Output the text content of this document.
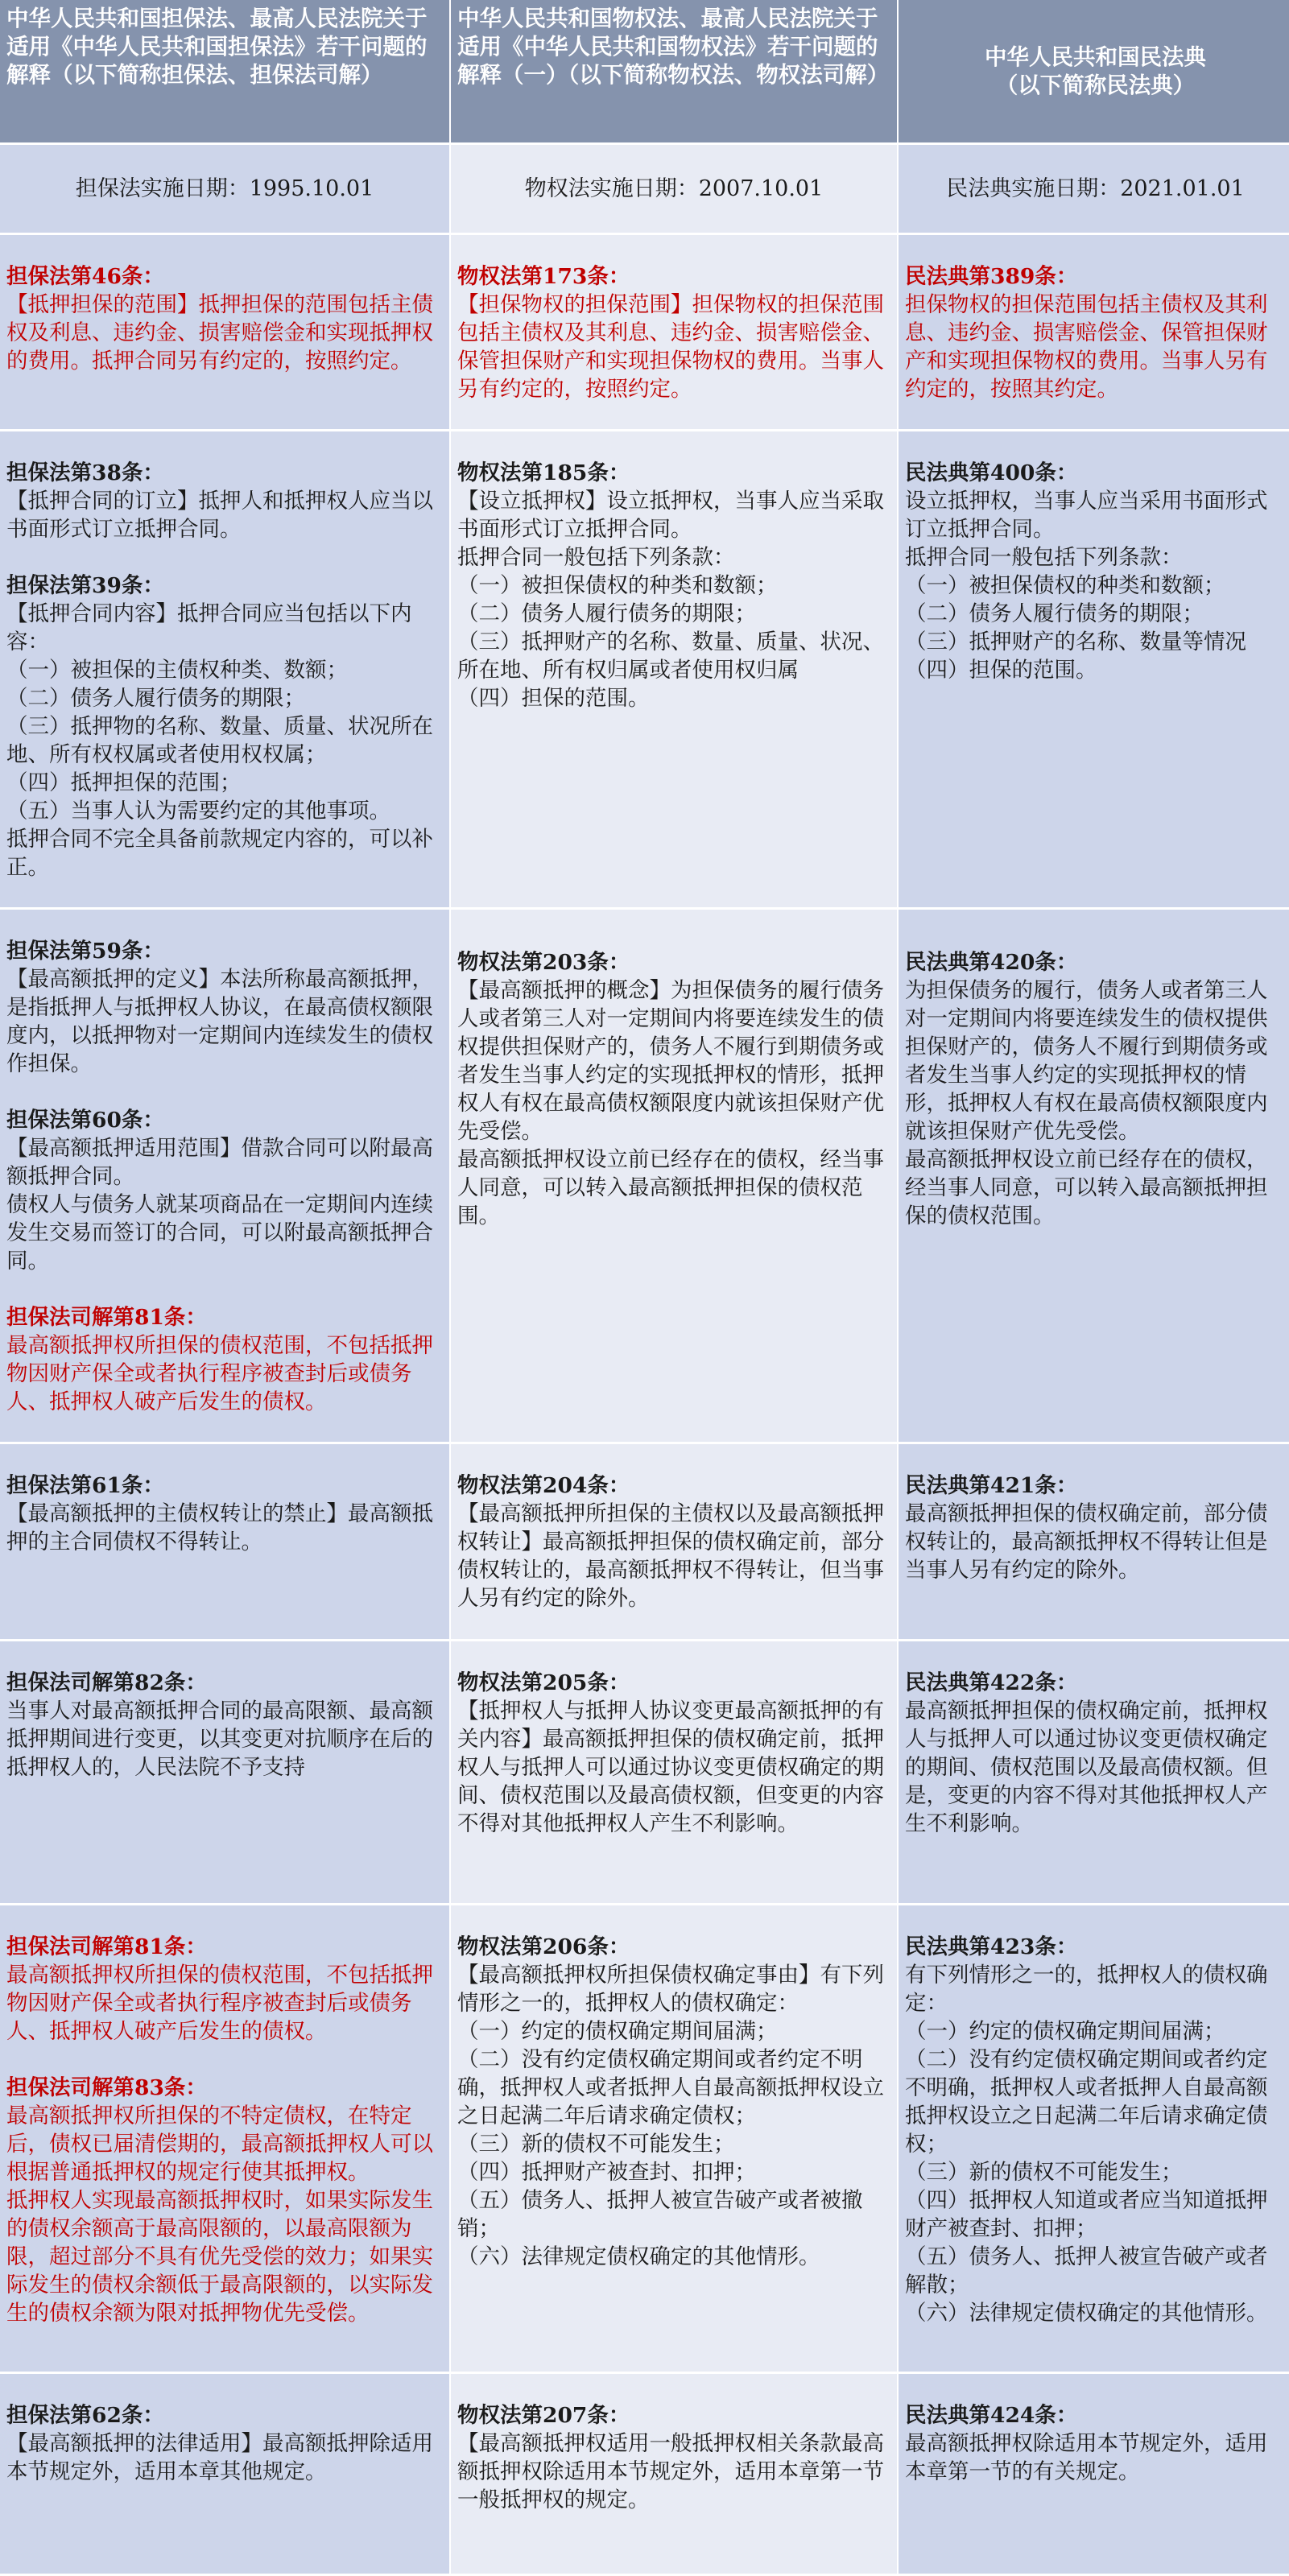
中华人民共和国担保法、最高人民法院关于适用《中华人民共和国担保法》若干问题的解释（以下简称担保法、担保法司解）
中华人民共和国物权法、最高人民法院关于适用《中华人民共和国物权法》若干问题的解释（一）（以下简称物权法、物权法司解）
中华人民共和国民法典
（以下简称民法典）
担保法实施日期：1995.10.01	物权法实施日期：2007.10.01	民法典实施日期：2021.01.01
担保法第46条：
【抵押担保的范围】抵押担保的范围包括主债权及利息、违约金、损害赔偿金和实现抵押权的费用。抵押合同另有约定的，按照约定。
物权法第173条：
【担保物权的担保范围】担保物权的担保范围包括主债权及其利息、违约金、损害赔偿金、保管担保财产和实现担保物权的费用。当事人另有约定的，按照约定。
民法典第389条：
担保物权的担保范围包括主债权及其利息、违约金、损害赔偿金、保管担保财产和实现担保物权的费用。当事人另有约定的，按照其约定。
担保法第38条：
【抵押合同的订立】抵押人和抵押权人应当以书面形式订立抵押合同。
担保法第39条：
【抵押合同内容】抵押合同应当包括以下内容：
（一）被担保的主债权种类、数额；
（二）债务人履行债务的期限；
（三）抵押物的名称、数量、质量、状况所在地、所有权权属或者使用权权属；
（四）抵押担保的范围；
（五）当事人认为需要约定的其他事项。
抵押合同不完全具备前款规定内容的，可以补正。
物权法第185条：
【设立抵押权】设立抵押权，当事人应当采取书面形式订立抵押合同。
抵押合同一般包括下列条款：
（一）被担保债权的种类和数额；
（二）债务人履行债务的期限；
（三）抵押财产的名称、数量、质量、状况、所在地、所有权归属或者使用权归属
（四）担保的范围。
民法典第400条：
设立抵押权，当事人应当采用书面形式订立抵押合同。
抵押合同一般包括下列条款：
（一）被担保债权的种类和数额；
（二）债务人履行债务的期限；
（三）抵押财产的名称、数量等情况
（四）担保的范围。
担保法第59条：
【最高额抵押的定义】本法所称最高额抵押，是指抵押人与抵押权人协议，在最高债权额限度内，以抵押物对一定期间内连续发生的债权作担保。
担保法第60条：
【最高额抵押适用范围】借款合同可以附最高额抵押合同。
债权人与债务人就某项商品在一定期间内连续发生交易而签订的合同，可以附最高额抵押合同。
担保法司解第81条：
最高额抵押权所担保的债权范围，不包括抵押物因财产保全或者执行程序被查封后或债务人、抵押权人破产后发生的债权。
物权法第203条：
【最高额抵押的概念】为担保债务的履行债务人或者第三人对一定期间内将要连续发生的债权提供担保财产的，债务人不履行到期债务或者发生当事人约定的实现抵押权的情形，抵押权人有权在最高债权额限度内就该担保财产优先受偿。
最高额抵押权设立前已经存在的债权，经当事人同意，可以转入最高额抵押担保的债权范围。
民法典第420条：
为担保债务的履行，债务人或者第三人对一定期间内将要连续发生的债权提供担保财产的，债务人不履行到期债务或者发生当事人约定的实现抵押权的情形，抵押权人有权在最高债权额限度内就该担保财产优先受偿。
最高额抵押权设立前已经存在的债权，经当事人同意，可以转入最高额抵押担保的债权范围。
担保法第61条：
【最高额抵押的主债权转让的禁止】最高额抵押的主合同债权不得转让。
物权法第204条：
【最高额抵押所担保的主债权以及最高额抵押权转让】最高额抵押担保的债权确定前，部分债权转让的，最高额抵押权不得转让，但当事人另有约定的除外。
民法典第421条：
最高额抵押担保的债权确定前，部分债权转让的，最高额抵押权不得转让但是当事人另有约定的除外。
担保法司解第82条：
当事人对最高额抵押合同的最高限额、最高额抵押期间进行变更，以其变更对抗顺序在后的抵押权人的，人民法院不予支持
物权法第205条：
【抵押权人与抵押人协议变更最高额抵押的有关内容】最高额抵押担保的债权确定前，抵押权人与抵押人可以通过协议变更债权确定的期间、债权范围以及最高债权额，但变更的内容不得对其他抵押权人产生不利影响。
民法典第422条：
最高额抵押担保的债权确定前，抵押权人与抵押人可以通过协议变更债权确定的期间、债权范围以及最高债权额。但是，变更的内容不得对其他抵押权人产生不利影响。
担保法司解第81条：
最高额抵押权所担保的债权范围，不包括抵押物因财产保全或者执行程序被查封后或债务人、抵押权人破产后发生的债权。
担保法司解第83条：
最高额抵押权所担保的不特定债权，在特定后，债权已届清偿期的，最高额抵押权人可以根据普通抵押权的规定行使其抵押权。
抵押权人实现最高额抵押权时，如果实际发生的债权余额高于最高限额的，以最高限额为限，超过部分不具有优先受偿的效力；如果实际发生的债权余额低于最高限额的，以实际发生的债权余额为限对抵押物优先受偿。
物权法第206条：
【最高额抵押权所担保债权确定事由】有下列情形之一的，抵押权人的债权确定：
（一）约定的债权确定期间届满；
（二）没有约定债权确定期间或者约定不明确，抵押权人或者抵押人自最高额抵押权设立之日起满二年后请求确定债权；
（三）新的债权不可能发生；
（四）抵押财产被查封、扣押；
（五）债务人、抵押人被宣告破产或者被撤销；
（六）法律规定债权确定的其他情形。
民法典第423条：
有下列情形之一的，抵押权人的债权确定：
（一）约定的债权确定期间届满；
（二）没有约定债权确定期间或者约定不明确，抵押权人或者抵押人自最高额抵押权设立之日起满二年后请求确定债权；
（三）新的债权不可能发生；
（四）抵押权人知道或者应当知道抵押财产被查封、扣押；
（五）债务人、抵押人被宣告破产或者解散；
（六）法律规定债权确定的其他情形。
担保法第62条：
【最高额抵押的法律适用】最高额抵押除适用本节规定外，适用本章其他规定。
物权法第207条：
【最高额抵押权适用一般抵押权相关条款最高额抵押权除适用本节规定外，适用本章第一节一般抵押权的规定。
民法典第424条：
最高额抵押权除适用本节规定外，适用本章第一节的有关规定。
